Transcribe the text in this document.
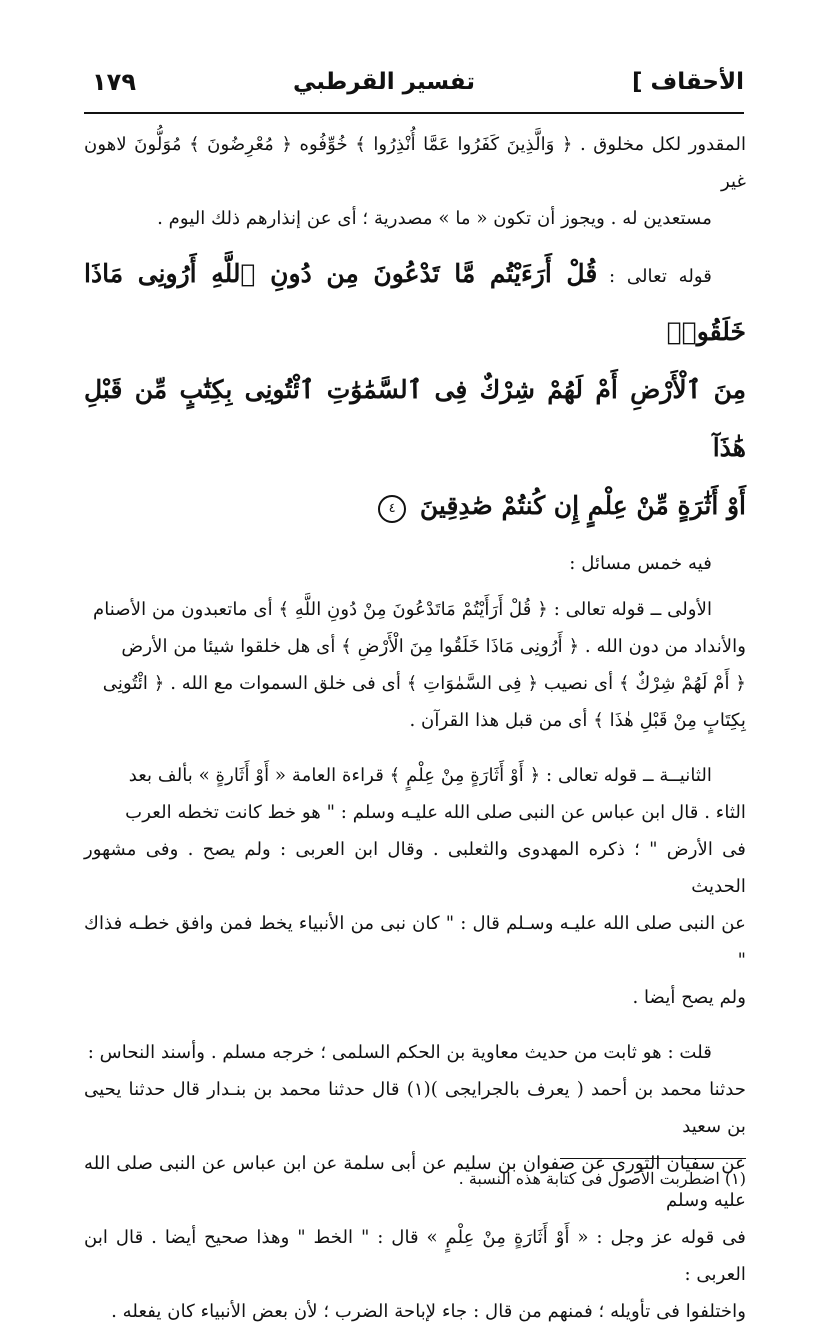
الأحقاف ]
تفسير القرطبي
١٧٩

المقدور لكل مخلوق . ﴿ وَالَّذِينَ كَفَرُوا عَمَّا أُنْذِرُوا ﴾ خُوِّفُوه ﴿ مُعْرِضُونَ ﴾ مُوَلُّونَ لاهون غير

مستعدين له . ويجوز أن تكون « ما » مصدرية ؛ أى عن إنذارهم ذلك اليوم .

قوله تعالى : قُلْ أَرَءَيْتُم مَّا تَدْعُونَ مِن دُونِ ٱللَّهِ أَرُونِى مَاذَا خَلَقُوا۟

مِنَ ٱلْأَرْضِ أَمْ لَهُمْ شِرْكٌ فِى ٱلسَّمَٰوَٰتِ ٱئْتُونِى بِكِتَٰبٍ مِّن قَبْلِ هَٰذَآ

أَوْ أَثَٰرَةٍ مِّنْ عِلْمٍ إِن كُنتُمْ صَٰدِقِينَ ٤

فيه خمس مسائل :

الأولى ــ قوله تعالى : ﴿ قُلْ أَرَأَيْتُمْ مَاتَدْعُونَ مِنْ دُونِ اللَّهِ ﴾ أى ماتعبدون من الأصنام

والأنداد من دون الله . ﴿ أَرُونِى مَاذَا خَلَقُوا مِنَ الْأَرْضِ ﴾ أى هل خلقوا شيئا من الأرض

﴿ أَمْ لَهُمْ شِرْكٌ ﴾ أى نصيب ﴿ فِى السَّمٰوَاتِ ﴾ أى فى خلق السموات مع الله . ﴿ ائْتُونِى

بِكِتَابٍ مِنْ قَبْلِ هٰذَا ﴾ أى من قبل هذا القرآن .

الثانيــة ــ قوله تعالى : ﴿ أَوْ أَثَارَةٍ مِنْ عِلْمٍ ﴾ قراءة العامة « أَوْ أَثَارةٍ » بألف بعد

الثاء . قال ابن عباس عن النبى صلى الله عليـه وسلم : " هو خط كانت تخطه العرب

فى الأرض " ؛ ذكره المهدوى والثعلبى . وقال ابن العربى : ولم يصح . وفى مشهور الحديث

عن النبى صلى الله عليـه وسـلم قال : " كان نبى من الأنبياء يخط فمن وافق خطـه فذاك "

ولم يصح أيضا .

قلت : هو ثابت من حديث معاوية بن الحكم السلمى ؛ خرجه مسلم . وأسند النحاس :

حدثنا محمد بن أحمد ( يعرف بالجرايجى )(١) قال حدثنا محمد بن بنـدار قال حدثنا يحيى بن سعيد

عن سفيان الثورى عن صفوان بن سليم عن أبى سلمة عن ابن عباس عن النبى صلى الله عليه وسلم

فى قوله عز وجل : « أَوْ أَثَارَةٍ مِنْ عِلْمٍ » قال : " الخط " وهذا صحيح أيضا . قال ابن العربى :

واختلفوا فى تأويله ؛ فمنهم من قال : جاء لإباحة الضرب ؛ لأن بعض الأنبياء كان يفعله .

(١) اضطربت الأصول فى كتابة هذه النسبة .
